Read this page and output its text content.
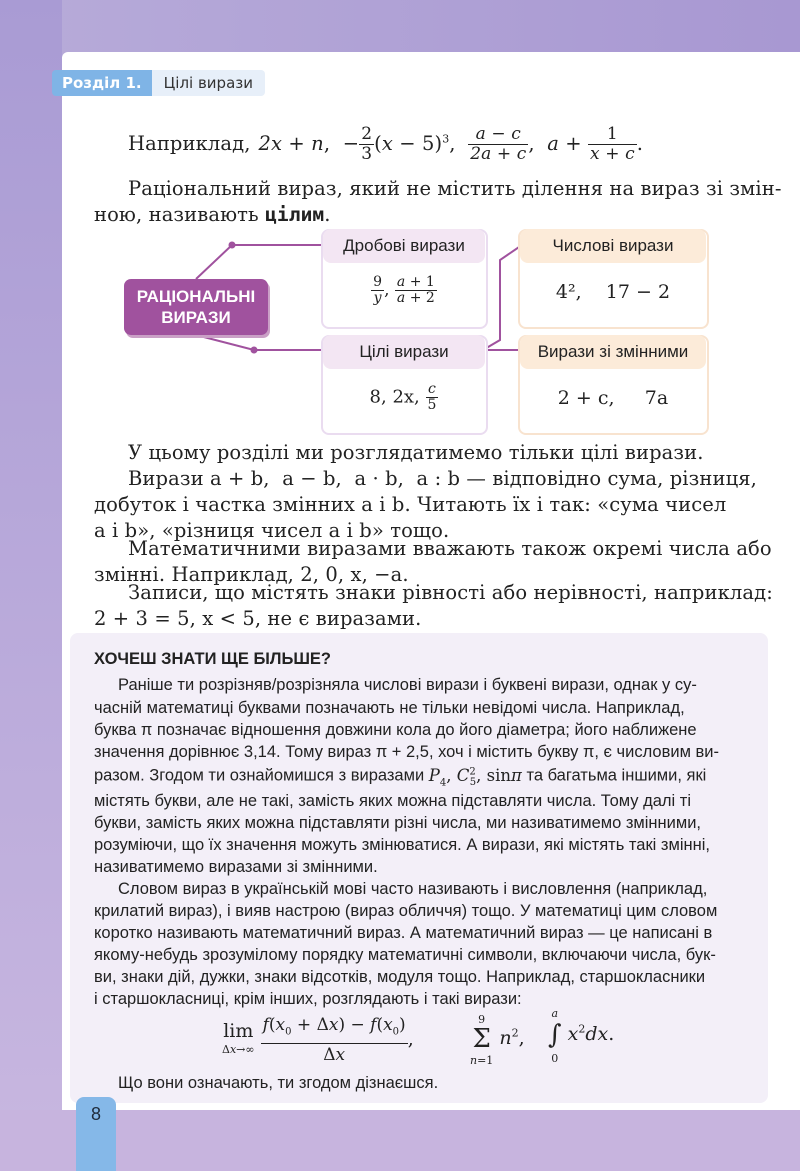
Розділ 1.	Цілі вирази
Наприклад, 2x + n,  − $\frac{2}{3} (x - 5)^3$, $\frac{a - c}{2a + c}$ ,  $a + \frac{1}{x + c}$ .
Раціональний вираз, який не містить ділення на вираз зі змін-
ною, називають цілим.
РАЦІОНАЛЬНІ
ВИРАЗИ
Дробові вирази
$\frac{9}{y}$ , $\frac{a + 1}{a + 2}$
Цілі вирази
8, 2x, $\frac{c}{5}$
Числові вирази
4²,    17 − 2
Вирази зі змінними
2 + c,     7a
У цьому розділі ми розглядатимемо тільки цілі вирази.
Вирази a + b,  a − b,  a · b,  a : b — відповідно сума, різниця,
добуток і частка змінних a і b. Читають їх і так: «сума чисел
a і b», «різниця чисел a і b» тощо.
Математичними виразами вважають також окремі числа або
змінні. Наприклад, 2, 0, x, −a.
Записи, що містять знаки рівності або нерівності, наприклад:
2 + 3 = 5, x < 5, не є виразами.
ХОЧЕШ ЗНАТИ ЩЕ БІЛЬШЕ?
Раніше ти розрізняв/розрізняла числові вирази і буквені вирази, однак у су-
часній математиці буквами позначають не тільки невідомі числа. Наприклад,
буква π позначає відношення довжини кола до його діаметра; його наближене
значення дорівнює 3,14. Тому вираз π + 2,5, хоч і містить букву π, є числовим ви-
разом. Згодом ти ознайомишся з виразами $P_4$, $C^2_5$, sinπ та багатьма іншими, які
містять букви, але не такі, замість яких можна підставляти числа. Тому далі ті
букви, замість яких можна підставляти різні числа, ми називатимемо змінними,
розуміючи, що їх значення можуть змінюватися. А вирази, які містять такі змінні,
називатимемо виразами зі змінними.
Словом вираз в українській мові часто називають і висловлення (наприклад,
крилатий вираз), і вияв настрою (вираз обличчя) тощо. У математиці цим словом
коротко називають математичний вираз. А математичний вираз — це написані в
якому-небудь зрозумілому порядку математичні символи, включаючи числа, бук-
ви, знаки дій, дужки, знаки відсотків, модуля тощо. Наприклад, старшокласники
і старшокласниці, крім інших, розглядають і такі вирази:
lim
$\Delta x\to\infty \frac{f(x_0 + \Delta x) - f(x_0)}{\Delta x}$ ,
9
Σ
n=1 $n^2$,
a
∫
0 $x^2dx$.
Що вони означають, ти згодом дізнаєшся.
8
